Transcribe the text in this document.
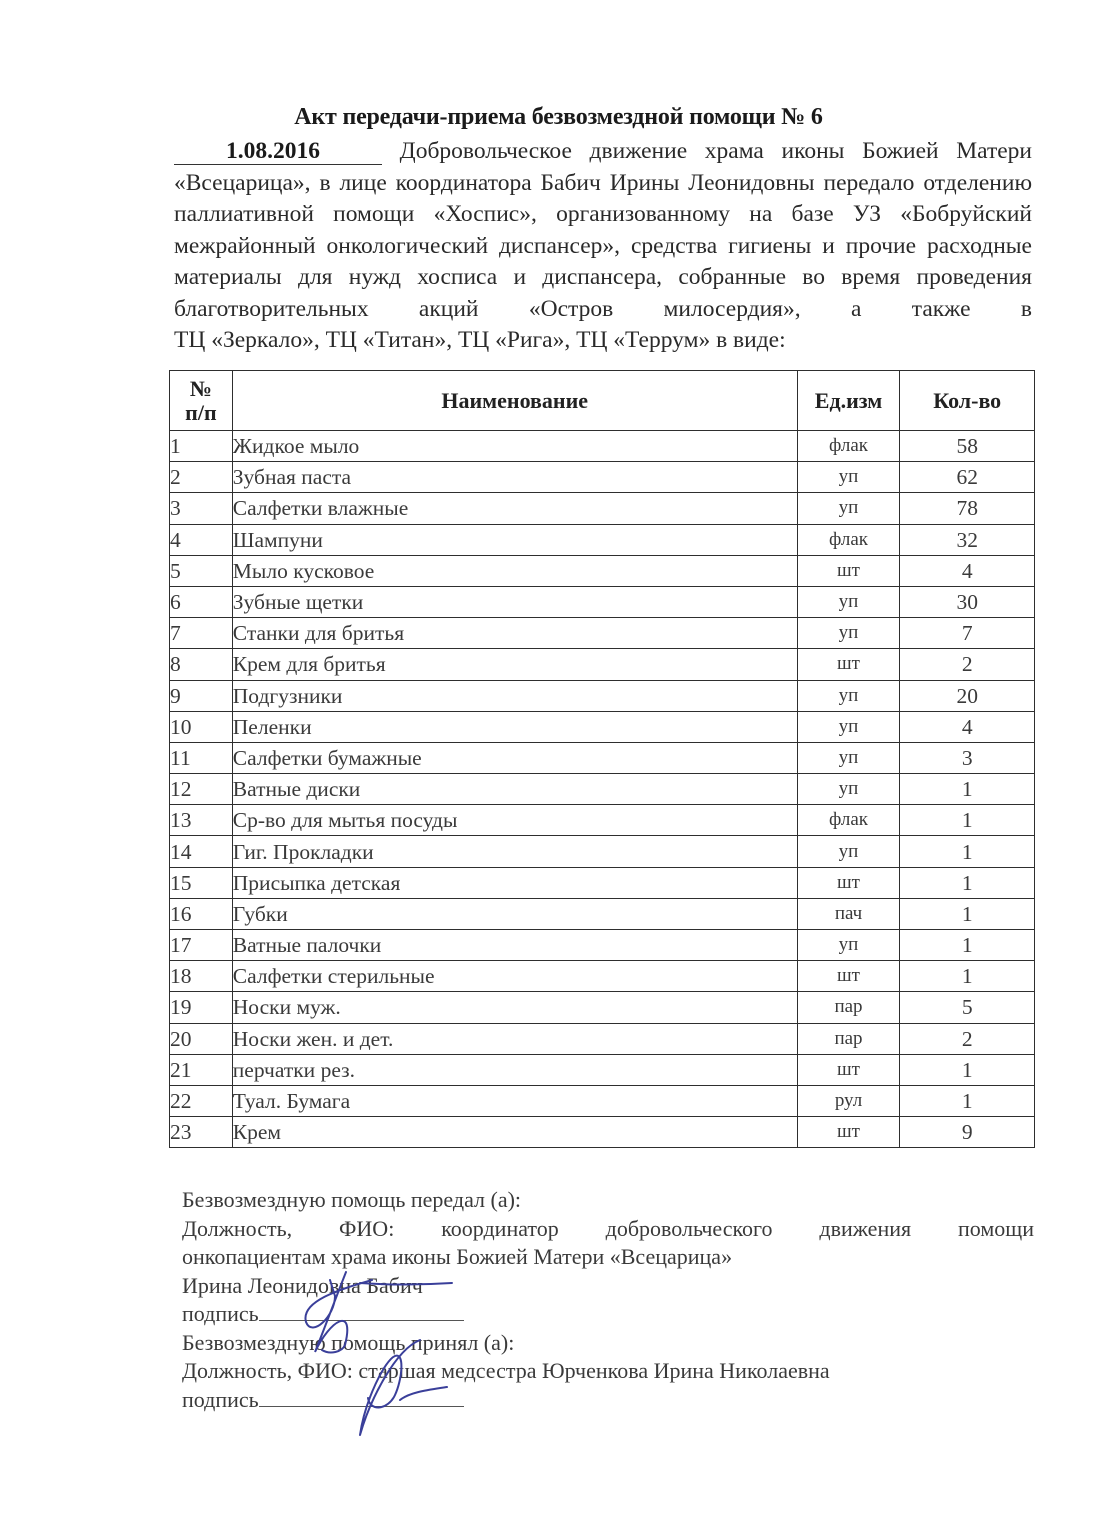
Акт передачи-приема безвозмездной помощи № 6
1.08.2016	Добровольческое движение храма иконы Божией Матери
«Всецарица», в лице координатора Бабич Ирины Леонидовны передало отделению паллиативной помощи «Хоспис», организованному на базе УЗ «Бобруйский межрайонный онкологический диспансер», средства гигиены и прочие расходные материалы для нужд хосписа и диспансера, собранные во время проведения благотворительных акций «Остров милосердия», а также в
ТЦ «Зеркало», ТЦ «Титан», ТЦ «Рига», ТЦ «Террум» в виде:
№
п/п	Наименование	Ед.изм	Кол-во
1	Жидкое мыло	флак	58
2	Зубная паста	уп	62
3	Салфетки влажные	уп	78
4	Шампуни	флак	32
5	Мыло кусковое	шт	4
6	Зубные щетки	уп	30
7	Станки для бритья	уп	7
8	Крем для бритья	шт	2
9	Подгузники	уп	20
10	Пеленки	уп	4
11	Салфетки бумажные	уп	3
12	Ватные диски	уп	1
13	Ср-во для мытья посуды	флак	1
14	Гиг. Прокладки	уп	1
15	Присыпка детская	шт	1
16	Губки	пач	1
17	Ватные палочки	уп	1
18	Салфетки стерильные	шт	1
19	Носки муж.	пар	5
20	Носки жен. и дет.	пар	2
21	перчатки рез.	шт	1
22	Туал. Бумага	рул	1
23	Крем	шт	9
Безвозмездную помощь передал (а):
Должность, ФИО: координатор добровольческого движения помощи
онкопациентам храма иконы Божией Матери «Всецарица»
Ирина Леонидовна Бабич
подпись
Безвозмездную помощь принял (а):
Должность, ФИО: старшая медсестра Юрченкова Ирина Николаевна
подпись
